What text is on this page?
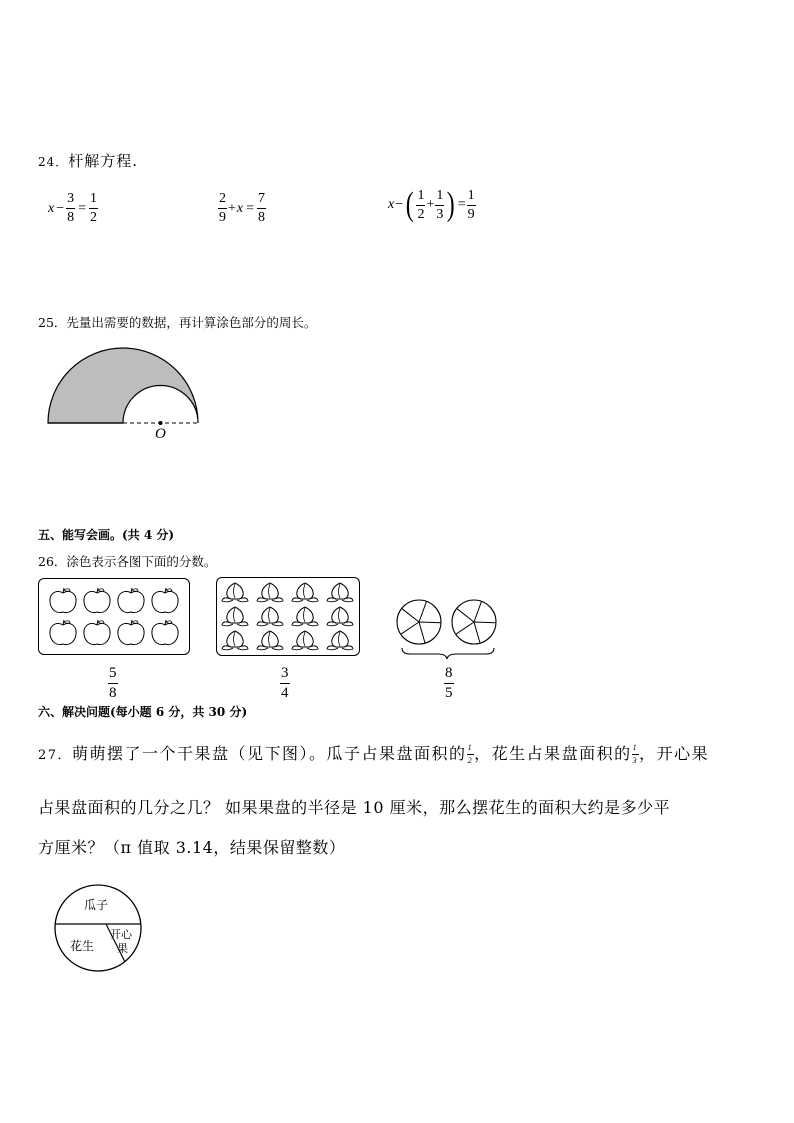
24．杆解方程.
$x - \frac{3}{8} = \frac{1}{2}$	$\frac{2}{9} + x = \frac{7}{8}$	x − ( $\frac{1}{2} + \frac{1}{3}$ ) = $\frac{1}{9}$
25．先量出需要的数据，再计算涂色部分的周长。
O
五、能写会画。(共 4 分)
26．涂色表示各图下面的分数。
$\frac{5}{8}$	$\frac{3}{4}$	$\frac{8}{5}$
六、解决问题(每小题 6 分，共 30 分)
27．萌萌摆了一个干果盘（见下图）。瓜子占果盘面积的 $\frac{1}{2}$ ，花生占果盘面积的 $\frac{1}{3}$ ，开心果
占果盘面积的几分之几？ 如果果盘的半径是 10 厘米，那么摆花生的面积大约是多少平
方厘米？（π 值取 3.14，结果保留整数）
瓜子
花生
开心
果
